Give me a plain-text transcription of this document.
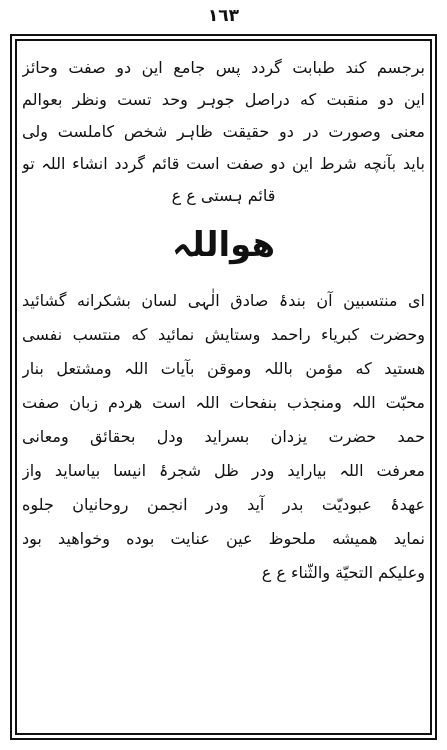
١٦٣
برجسم کند طبابت گردد پس جامع این دو صفت وحائز
این دو منقبت که دراصل جوہر وحد تست ونظر بعوالم
معنی وصورت در دو حقیقت ظاہر شخص کاملست ولی
باید بآنچه شرط این دو صفت است قائم گردد انشاء اللہ تو
قائم ہستی ع ع
ھواللہ
ای منتسبین آن بندۂ صادق الٰہی لسان بشکرانه گشائید
وحضرت کبریاء راحمد وستایش نمائید که منتسب نفسی
هستید که مؤمن باللہ وموقن بآیات اللہ ومشتعل بنار
محبّت اللہ ومنجذب بنفحات اللہ است هردم زبان صفت
حمد حضرت یزدان بسراید ودل بحقائق ومعانی
معرفت اللہ بیاراید ودر ظل شجرۂ انیسا بیاساید واز
عهدۂ عبودیّت بدر آید ودر انجمن روحانیان جلوه
نماید همیشه ملحوظ عین عنایت بوده وخواهید بود
وعلیکم التحیّة والثّناء ع ع
